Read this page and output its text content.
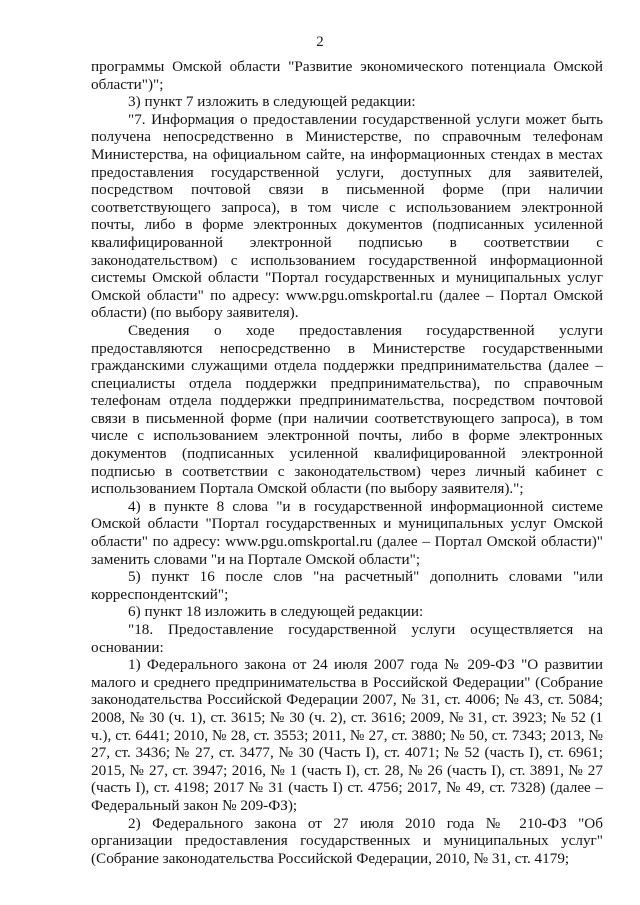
2

программы Омской области "Развитие экономического потенциала Омской области")";

3) пункт 7 изложить в следующей редакции:

"7. Информация о предоставлении государственной услуги может быть получена непосредственно в Министерстве, по справочным телефонам Министерства, на официальном сайте, на информационных стендах в местах предоставления государственной услуги, доступных для заявителей, посредством почтовой связи в письменной форме (при наличии соответствующего запроса), в том числе с использованием электронной почты, либо в форме электронных документов (подписанных усиленной квалифицированной электронной подписью в соответствии с законодательством) с использованием государственной информационной системы Омской области "Портал государственных и муниципальных услуг Омской области" по адресу: www.pgu.omskportal.ru (далее – Портал Омской области) (по выбору заявителя).

Сведения о ходе предоставления государственной услуги предоставляются непосредственно в Министерстве государственными гражданскими служащими отдела поддержки предпринимательства (далее – специалисты отдела поддержки предпринимательства), по справочным телефонам отдела поддержки предпринимательства, посредством почтовой связи в письменной форме (при наличии соответствующего запроса), в том числе с использованием электронной почты, либо в форме электронных документов (подписанных усиленной квалифицированной электронной подписью в соответствии с законодательством) через личный кабинет с использованием Портала Омской области (по выбору заявителя).";

4) в пункте 8 слова "и в государственной информационной системе Омской области "Портал государственных и муниципальных услуг Омской области" по адресу: www.pgu.omskportal.ru (далее – Портал Омской области)" заменить словами "и на Портале Омской области";

5) пункт 16 после слов "на расчетный" дополнить словами "или корреспондентский";

6) пункт 18 изложить в следующей редакции:

"18. Предоставление государственной услуги осуществляется на основании:

1) Федерального закона от 24 июля 2007 года № 209-ФЗ "О развитии малого и среднего предпринимательства в Российской Федерации" (Собрание законодательства Российской Федерации 2007, № 31, ст. 4006; № 43, ст. 5084; 2008, № 30 (ч. 1), ст. 3615; № 30 (ч. 2), ст. 3616; 2009, № 31, ст. 3923; № 52 (1 ч.), ст. 6441; 2010, № 28, ст. 3553; 2011, № 27, ст. 3880; № 50, ст. 7343; 2013, № 27, ст. 3436; № 27, ст. 3477, № 30 (Часть I), ст. 4071; № 52 (часть I), ст. 6961; 2015, № 27, ст. 3947; 2016, № 1 (часть I), ст. 28, № 26 (часть I), ст. 3891, № 27 (часть I), ст. 4198; 2017 № 31 (часть I) ст. 4756; 2017, № 49, ст. 7328) (далее – Федеральный закон № 209-ФЗ);

2) Федерального закона от 27 июля 2010 года № 210-ФЗ "Об организации предоставления государственных и муниципальных услуг" (Собрание законодательства Российской Федерации, 2010, № 31, ст. 4179;
